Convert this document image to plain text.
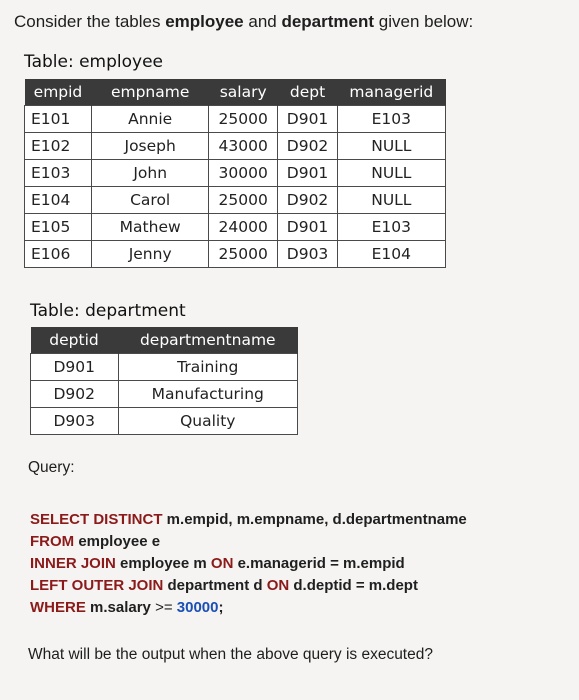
Consider the tables employee and department given below:
Table: employee
empid	empname	salary	dept	managerid
E101	Annie	25000	D901	E103
E102	Joseph	43000	D902	NULL
E103	John	30000	D901	NULL
E104	Carol	25000	D902	NULL
E105	Mathew	24000	D901	E103
E106	Jenny	25000	D903	E104
Table: department
deptid	departmentname
D901	Training
D902	Manufacturing
D903	Quality
Query:
SELECT DISTINCT m.empid, m.empname, d.departmentname
FROM employee e
INNER JOIN employee m ON e.managerid = m.empid
LEFT OUTER JOIN department d ON d.deptid = m.dept
WHERE m.salary >= 30000;
What will be the output when the above query is executed?
